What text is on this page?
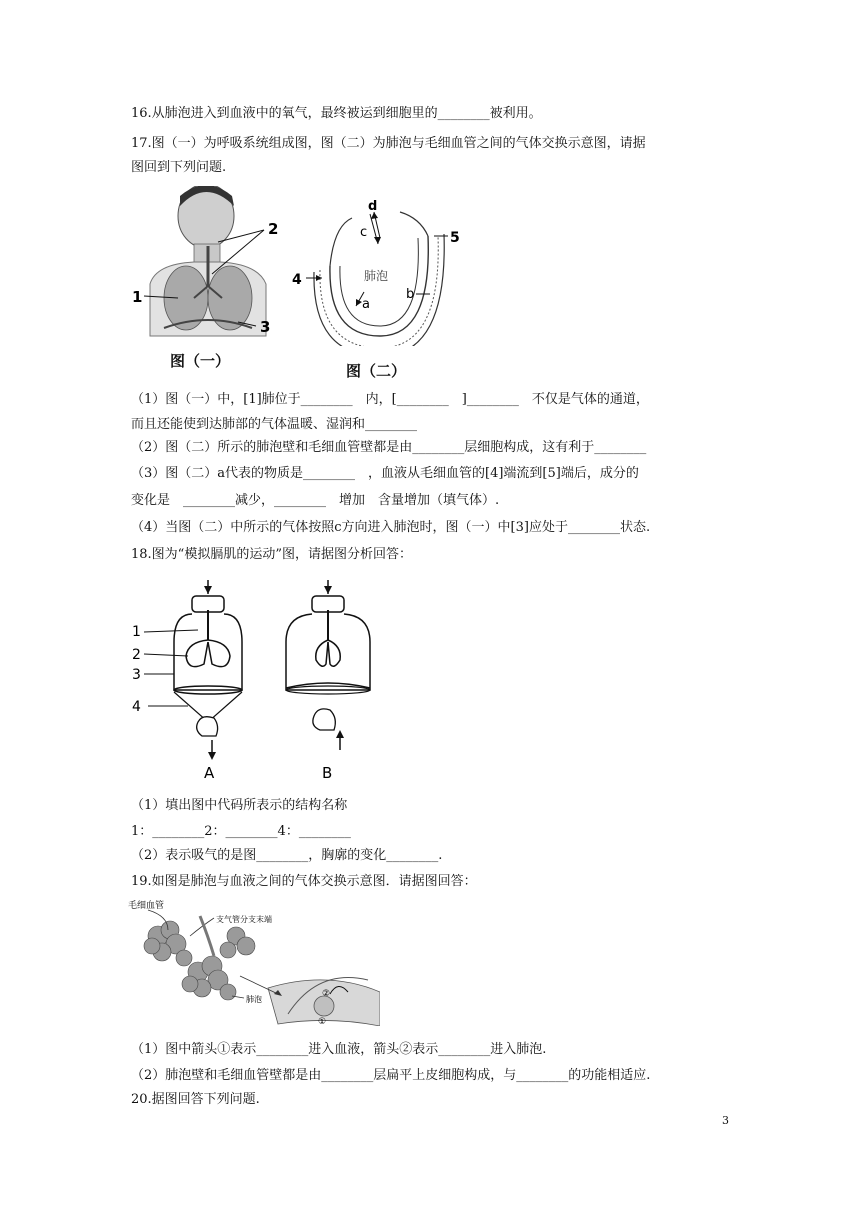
16.从肺泡进入到血液中的氧气，最终被运到细胞里的________被利用。
17.图（一）为呼吸系统组成图，图（二）为肺泡与毛细血管之间的气体交换示意图，请据
图回到下列问题.
2
1
3
图（一）
肺泡
a
b
c
d
4
5
图（二）
（1）图（一）中，[1]肺位于________　内，[________　]________　不仅是气体的通道，
而且还能使到达肺部的气体温暖、湿润和________
（2）图（二）所示的肺泡壁和毛细血管壁都是由________层细胞构成，这有利于________
（3）图（二）a代表的物质是________　，血液从毛细血管的[4]端流到[5]端后，成分的
变化是　________减少，________　增加　含量增加（填气体）.
（4）当图（二）中所示的气体按照c方向进入肺泡时，图（一）中[3]应处于________状态.
18.图为“模拟膈肌的运动”图，请据图分析回答：
1
2
3
4
A	B
（1）填出图中代码所表示的结构名称
1：________2：________4：________
（2）表示吸气的是图________，胸廓的变化________.
19.如图是肺泡与血液之间的气体交换示意图．请据图回答：
毛细血管
支气管分支末端
肺泡
②
①
（1）图中箭头①表示________进入血液，箭头②表示________进入肺泡.
（2）肺泡壁和毛细血管壁都是由________层扁平上皮细胞构成，与________的功能相适应.
20.据图回答下列问题.
3
